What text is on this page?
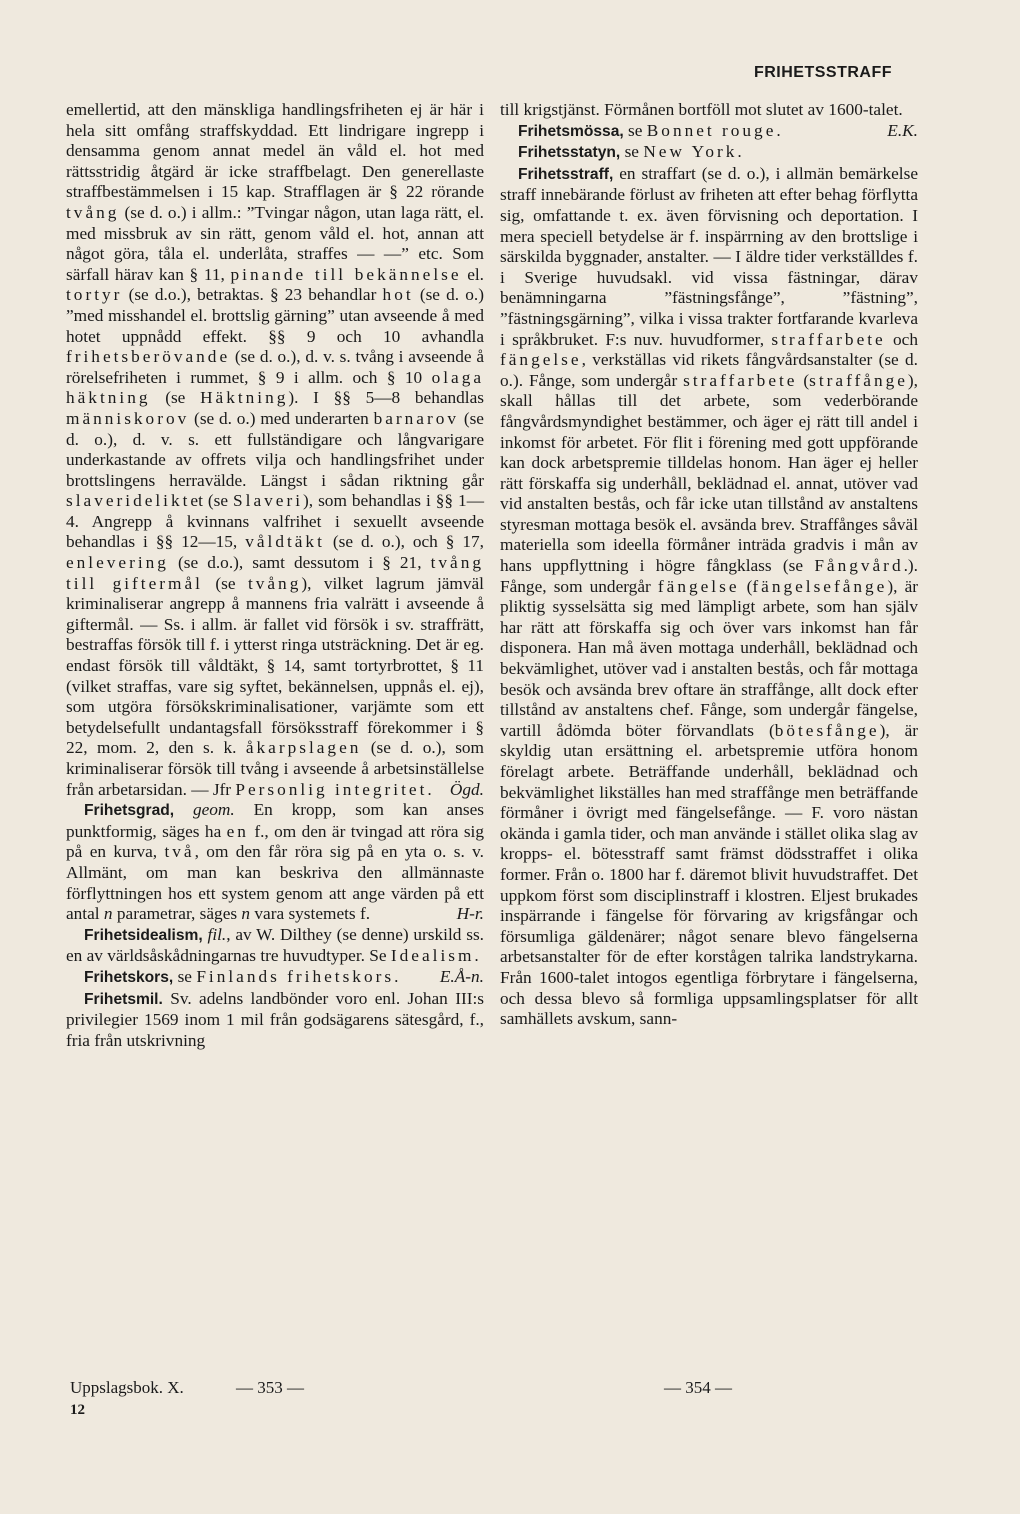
FRIHETSSTRAFF

emellertid, att den mänskliga handlingsfriheten ej är här i hela sitt omfång straffskyddad. Ett lindrigare ingrepp i densamma genom annat medel än våld el. hot med rättsstridig åtgärd är icke straffbelagt. Den generellaste straffbestämmelsen i 15 kap. Strafflagen är § 22 rörande tvång (se d. o.) i allm.: ”Tvingar någon, utan laga rätt, el. med missbruk av sin rätt, genom våld el. hot, annan att något göra, tåla el. underlåta, straffes — —” etc. Som särfall härav kan § 11, pinande till bekännelse el. tortyr (se d.o.), betraktas. § 23 behandlar hot (se d. o.) ”med misshandel el. brottslig gärning” utan avseende å med hotet uppnådd effekt. §§ 9 och 10 avhandla frihetsberövande (se d. o.), d. v. s. tvång i avseende å rörelsefriheten i rummet, § 9 i allm. och § 10 olaga häktning (se Häktning). I §§ 5—8 behandlas människorov (se d. o.) med underarten barnarov (se d. o.), d. v. s. ett fullständigare och långvarigare underkastande av offrets vilja och handlingsfrihet under brottslingens herravälde. Längst i sådan riktning går slaverideliktet (se Slaveri), som behandlas i §§ 1—4. Angrepp å kvinnans valfrihet i sexuellt avseende behandlas i §§ 12—15, våldtäkt (se d. o.), och § 17, enlevering (se d.o.), samt dessutom i § 21, tvång till giftermål (se tvång), vilket lagrum jämväl kriminaliserar angrepp å mannens fria valrätt i avseende å giftermål. — Ss. i allm. är fallet vid försök i sv. straffrätt, bestraffas försök till f. i ytterst ringa utsträckning. Det är eg. endast försök till våldtäkt, § 14, samt tortyrbrottet, § 11 (vilket straffas, vare sig syftet, bekännelsen, uppnås el. ej), som utgöra försökskriminalisationer, varjämte som ett betydelsefullt undantagsfall försöksstraff förekommer i § 22, mom. 2, den s. k. åkarpslagen (se d. o.), som kriminaliserar försök till tvång i avseende å arbetsinställelse från arbetarsidan. — Jfr Personlig integritet. Ögd.

Frihetsgrad, geom. En kropp, som kan anses punktformig, säges ha en f., om den är tvingad att röra sig på en kurva, två, om den får röra sig på en yta o. s. v. Allmänt, om man kan beskriva den allmännaste förflyttningen hos ett system genom att ange värden på ett antal n parametrar, säges n vara systemets f.	H-r.

Frihetsidealism, fil., av W. Dilthey (se denne) urskild ss. en av världsåskådningarnas tre huvudtyper. Se Idealism.
E.Å-n.

Frihetskors, se Finlands frihetskors.

Frihetsmil. Sv. adelns landbönder voro enl. Johan III:s privilegier 1569 inom 1 mil från godsägarens sätesgård, f., fria från utskrivning

till krigstjänst. Förmånen bortföll mot slutet av 1600-talet.
E.K.

Frihetsmössa, se Bonnet rouge.

Frihetsstatyn, se New York.

Frihetsstraff, en straffart (se d. o.), i allmän bemärkelse straff innebärande förlust av friheten att efter behag förflytta sig, omfattande t. ex. även förvisning och deportation. I mera speciell betydelse är f. inspärrning av den brottslige i särskilda byggnader, anstalter. — I äldre tider verkställdes f. i Sverige huvudsakl. vid vissa fästningar, därav benämningarna ”fästningsfånge”, ”fästning”, ”fästningsgärning”, vilka i vissa trakter fortfarande kvarleva i språkbruket. F:s nuv. huvudformer, straffarbete och fängelse, verkställas vid rikets fångvårdsanstalter (se d. o.). Fånge, som undergår straffarbete (straffånge), skall hållas till det arbete, som vederbörande fångvårdsmyndighet bestämmer, och äger ej rätt till andel i inkomst för arbetet. För flit i förening med gott uppförande kan dock arbetspremie tilldelas honom. Han äger ej heller rätt förskaffa sig underhåll, beklädnad el. annat, utöver vad vid anstalten bestås, och får icke utan tillstånd av anstaltens styresman mottaga besök el. avsända brev. Straffånges såväl materiella som ideella förmåner inträda gradvis i mån av hans uppflyttning i högre fångklass (se Fångvård.). Fånge, som undergår fängelse (fängelsefånge), är pliktig sysselsätta sig med lämpligt arbete, som han själv har rätt att förskaffa sig och över vars inkomst han får disponera. Han må även mottaga underhåll, beklädnad och bekvämlighet, utöver vad i anstalten bestås, och får mottaga besök och avsända brev oftare än straffånge, allt dock efter tillstånd av anstaltens chef. Fånge, som undergår fängelse, vartill ådömda böter förvandlats (bötesfånge), är skyldig utan ersättning el. arbetspremie utföra honom förelagt arbete. Beträffande underhåll, beklädnad och bekvämlighet likställes han med straffånge men beträffande förmåner i övrigt med fängelsefånge. — F. voro nästan okända i gamla tider, och man använde i stället olika slag av kropps- el. bötesstraff samt främst dödsstraffet i olika former. Från o. 1800 har f. däremot blivit huvudstraffet. Det uppkom först som disciplinstraff i klostren. Eljest brukades inspärrande i fängelse för förvaring av krigsfångar och försumliga gäldenärer; något senare blevo fängelserna arbetsanstalter för de efter korstågen talrika landstrykarna. Från 1600-talet intogos egentliga förbrytare i fängelserna, och dessa blevo så formliga uppsamlingsplatser för allt samhällets avskum, sann-

Uppslagsbok. X.	— 353 —	— 354 —
12
